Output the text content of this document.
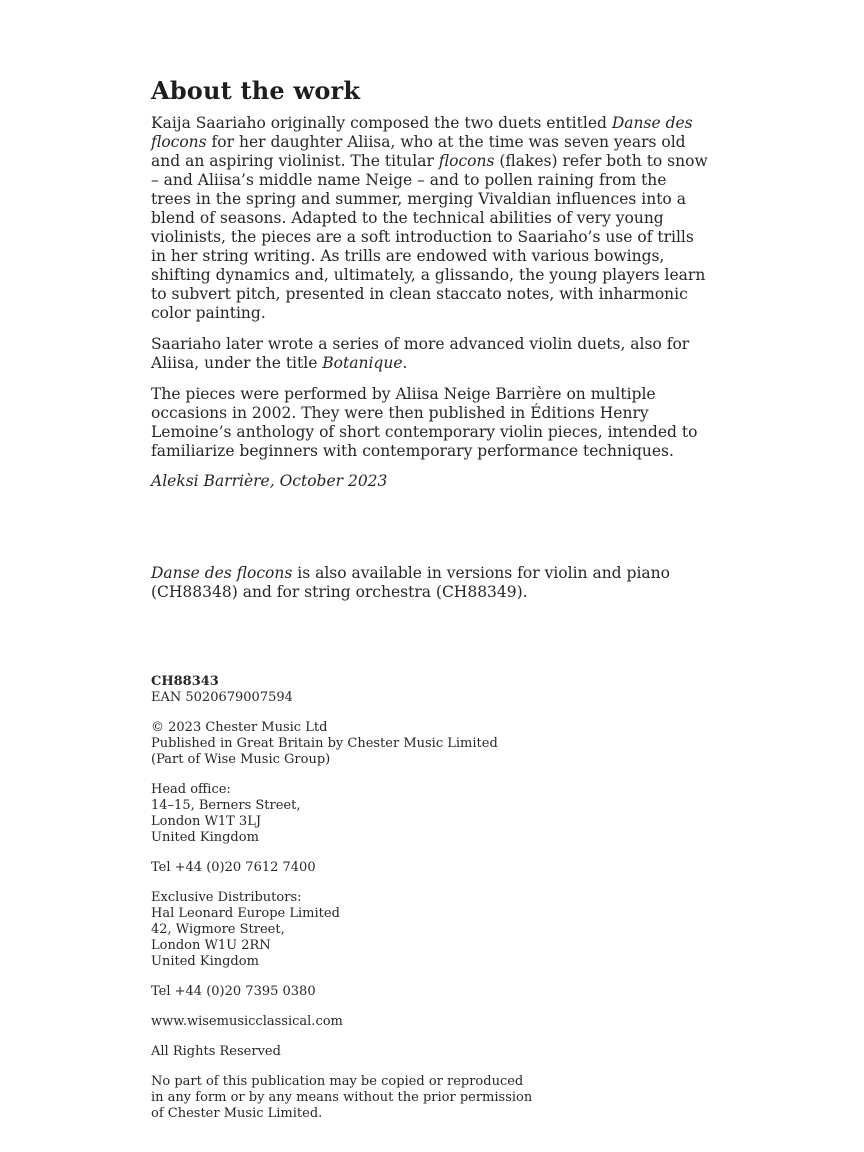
About the work

Kaija Saariaho originally composed the two duets entitled Danse des flocons for her daughter Aliisa, who at the time was seven years old and an aspiring violinist. The titular flocons (flakes) refer both to snow – and Aliisa’s middle name Neige – and to pollen raining from the trees in the spring and summer, merging Vivaldian influences into a blend of seasons. Adapted to the technical abilities of very young violinists, the pieces are a soft introduction to Saariaho’s use of trills in her string writing. As trills are endowed with various bowings, shifting dynamics and, ultimately, a glissando, the young players learn to subvert pitch, presented in clean staccato notes, with inharmonic color painting.

Saariaho later wrote a series of more advanced violin duets, also for Aliisa, under the title Botanique.

The pieces were performed by Aliisa Neige Barrière on multiple occasions in 2002. They were then published in Éditions Henry Lemoine’s anthology of short contemporary violin pieces, intended to familiarize beginners with contemporary performance techniques.

Aleksi Barrière, October 2023

Danse des flocons is also available in versions for violin and piano (CH88348) and for string orchestra (CH88349).

CH88343
EAN 5020679007594
© 2023 Chester Music Ltd
Published in Great Britain by Chester Music Limited
(Part of Wise Music Group)
Head office:
14–15, Berners Street,
London W1T 3LJ
United Kingdom
Tel +44 (0)20 7612 7400
Exclusive Distributors:
Hal Leonard Europe Limited
42, Wigmore Street,
London W1U 2RN
United Kingdom
Tel +44 (0)20 7395 0380
www.wisemusicclassical.com
All Rights Reserved
No part of this publication may be copied or reproduced
in any form or by any means without the prior permission
of Chester Music Limited.
